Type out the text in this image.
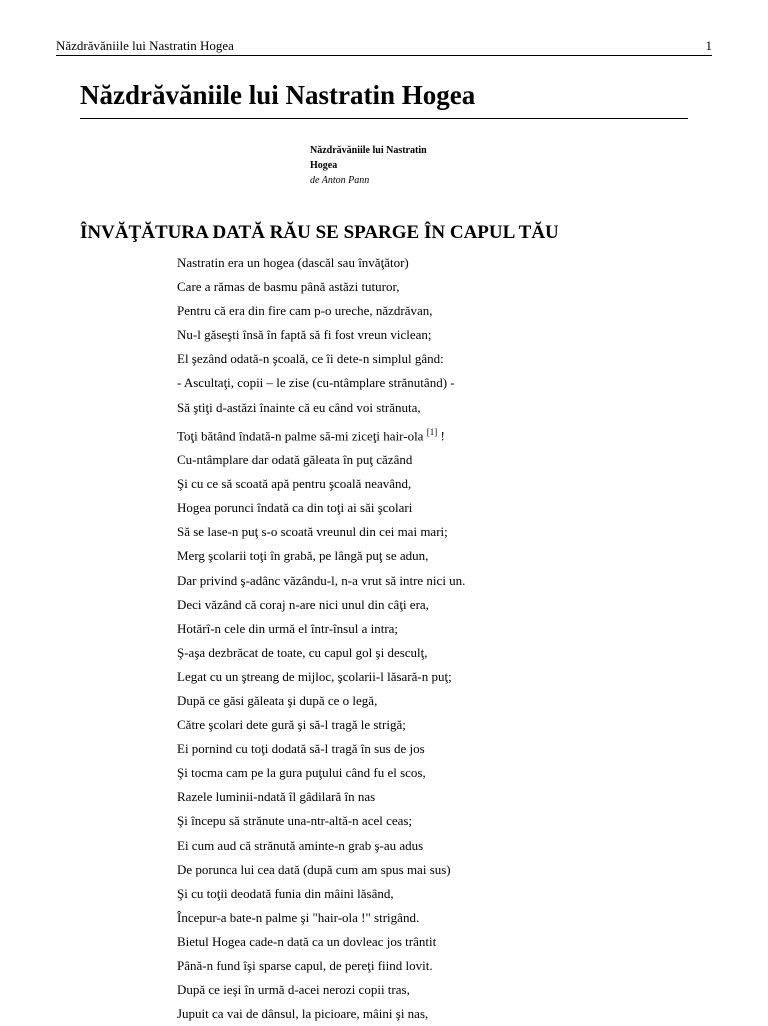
Năzdrăvăniile lui Nastratin Hogea	1
Năzdrăvăniile lui Nastratin Hogea
Năzdrăvăniile lui Nastratin
Hogea
de Anton Pann
ÎNVĂŢĂTURA DATĂ RĂU SE SPARGE ÎN CAPUL TĂU
Nastratin era un hogea (dascăl sau învăţător)
Care a rămas de basmu până astăzi tuturor,
Pentru că era din fire cam p-o ureche, năzdrăvan,
Nu-l găseşti însă în faptă să fi fost vreun viclean;
El şezând odată-n şcoală, ce îi dete-n simplul gând:
- Ascultaţi, copii – le zise (cu-ntâmplare strănutând) -
Să ştiţi d-astăzi înainte că eu când voi strănuta,
Toţi bătând îndată-n palme să-mi ziceţi hair-ola [1] !
Cu-ntâmplare dar odată găleata în puţ căzând
Şi cu ce să scoată apă pentru şcoală neavând,
Hogea porunci îndată ca din toţi ai săi şcolari
Să se lase-n puţ s-o scoată vreunul din cei mai mari;
Merg şcolarii toţi în grabă, pe lângă puţ se adun,
Dar privind ş-adânc văzându-l, n-a vrut să intre nici un.
Deci văzând că coraj n-are nici unul din câţi era,
Hotărî-n cele din urmă el într-însul a intra;
Ş-aşa dezbrăcat de toate, cu capul gol şi desculţ,
Legat cu un ştreang de mijloc, şcolarii-l lăsară-n puţ;
După ce găsi găleata şi după ce o legă,
Către şcolari dete gură şi să-l tragă le strigă;
Ei pornind cu toţi dodată să-l tragă în sus de jos
Şi tocma cam pe la gura puţului când fu el scos,
Razele luminii-ndată îl gâdilară în nas
Şi începu să strănute una-ntr-altă-n acel ceas;
Ei cum aud că strănută aminte-n grab ş-au adus
De porunca lui cea dată (după cum am spus mai sus)
Şi cu toţii deodată funia din mâini lăsând,
Începur-a bate-n palme şi "hair-ola !" strigând.
Bietul Hogea cade-n dată ca un dovleac jos trântit
Până-n fund îşi sparse capul, de pereţi fiind lovit.
După ce ieşi în urmă d-acei nerozi copii tras,
Jupuit ca vai de dânsul, la picioare, mâini şi nas,
